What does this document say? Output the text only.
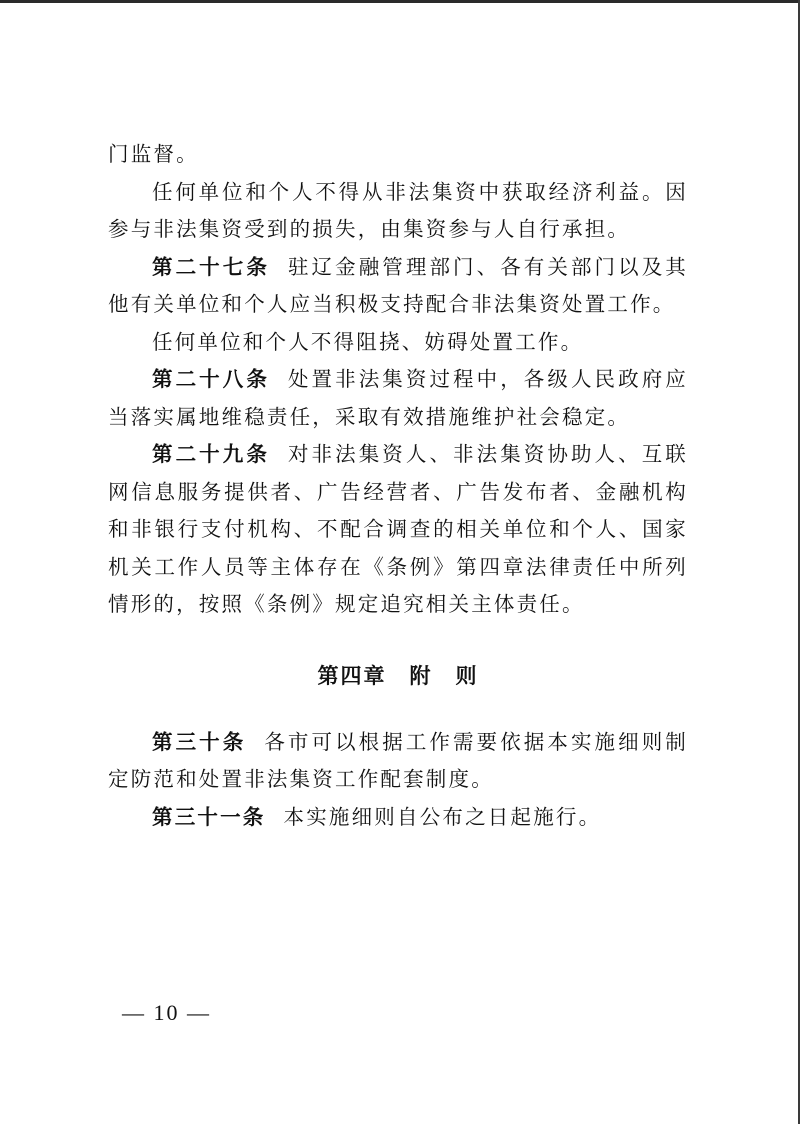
门监督。

任何单位和个人不得从非法集资中获取经济利益。因参与非法集资受到的损失，由集资参与人自行承担。

第二十七条 驻辽金融管理部门、各有关部门以及其他有关单位和个人应当积极支持配合非法集资处置工作。

任何单位和个人不得阻挠、妨碍处置工作。

第二十八条 处置非法集资过程中，各级人民政府应当落实属地维稳责任，采取有效措施维护社会稳定。

第二十九条 对非法集资人、非法集资协助人、互联网信息服务提供者、广告经营者、广告发布者、金融机构和非银行支付机构、不配合调查的相关单位和个人、国家机关工作人员等主体存在《条例》第四章法律责任中所列情形的，按照《条例》规定追究相关主体责任。

第四章　附　则

第三十条 各市可以根据工作需要依据本实施细则制定防范和处置非法集资工作配套制度。

第三十一条 本实施细则自公布之日起施行。

— 10 —
